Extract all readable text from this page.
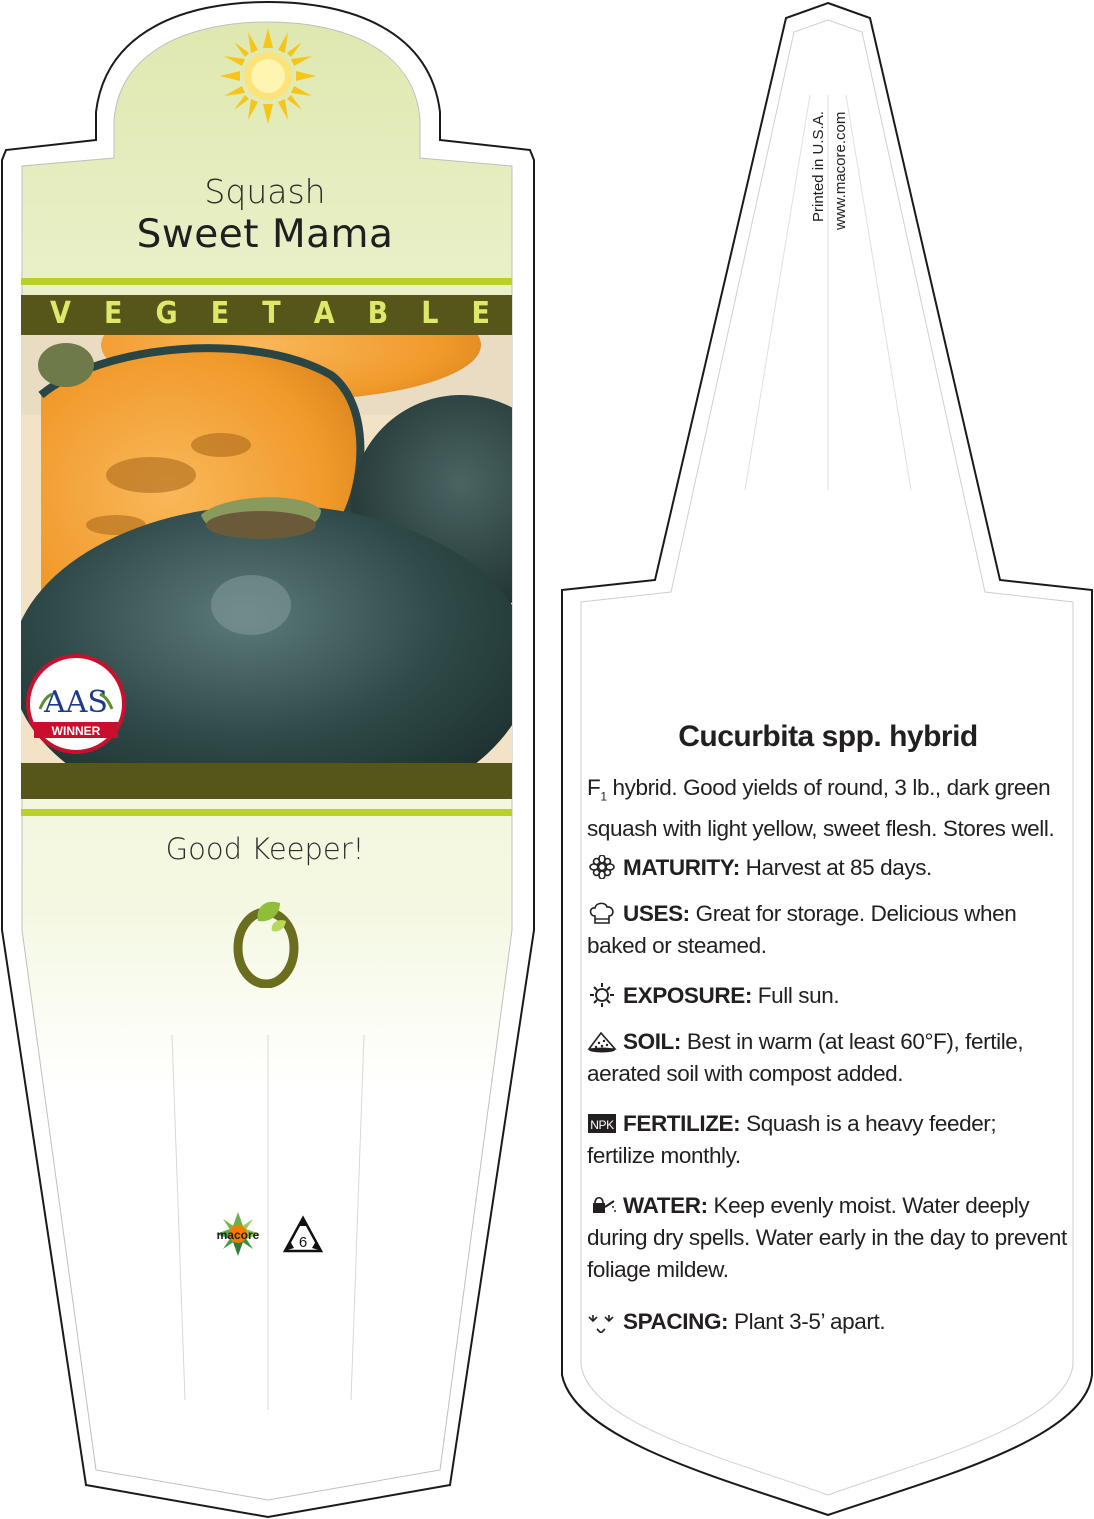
Squash
Sweet Mama
V E G E T A B L E
AAS
WINNER
Good Keeper!
macore	6
Printed in U.S.A. www.macore.com
Cucurbita spp. hybrid
$F_1$ hybrid. Good yields of round, 3 lb., dark green squash with light yellow, sweet flesh. Stores well.
MATURITY: Harvest at 85 days.
USES: Great for storage. Delicious when baked or steamed.
EXPOSURE: Full sun.
SOIL: Best in warm (at least 60°F), fertile, aerated soil with compost added.
NPK FERTILIZE: Squash is a heavy feeder; fertilize monthly.
WATER: Keep evenly moist. Water deeply during dry spells. Water early in the day to prevent foliage mildew.
SPACING: Plant 3-5’ apart.
